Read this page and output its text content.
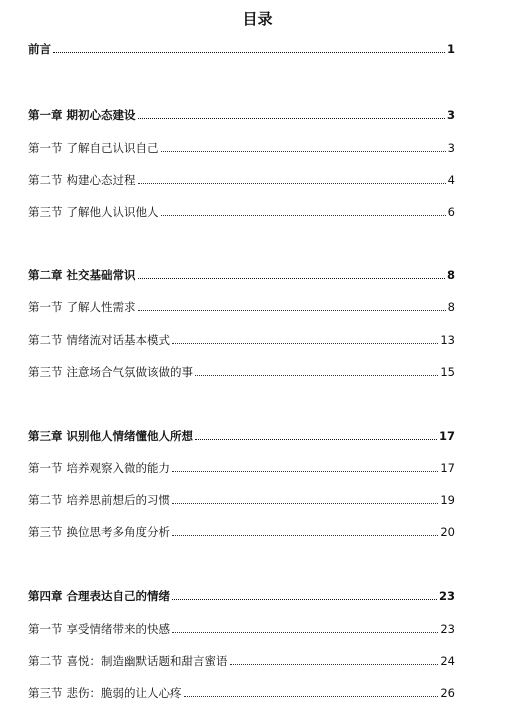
目录
前言	1
第一章 期初心态建设	3
第一节 了解自己认识自己	3
第二节 构建心态过程	4
第三节 了解他人认识他人	6
第二章 社交基础常识	8
第一节 了解人性需求	8
第二节 情绪流对话基本模式	13
第三节 注意场合气氛做该做的事	15
第三章 识别他人情绪懂他人所想	17
第一节 培养观察入微的能力	17
第二节 培养思前想后的习惯	19
第三节 换位思考多角度分析	20
第四章 合理表达自己的情绪	23
第一节 享受情绪带来的快感	23
第二节 喜悦：制造幽默话题和甜言蜜语	24
第三节 悲伤：脆弱的让人心疼	26
